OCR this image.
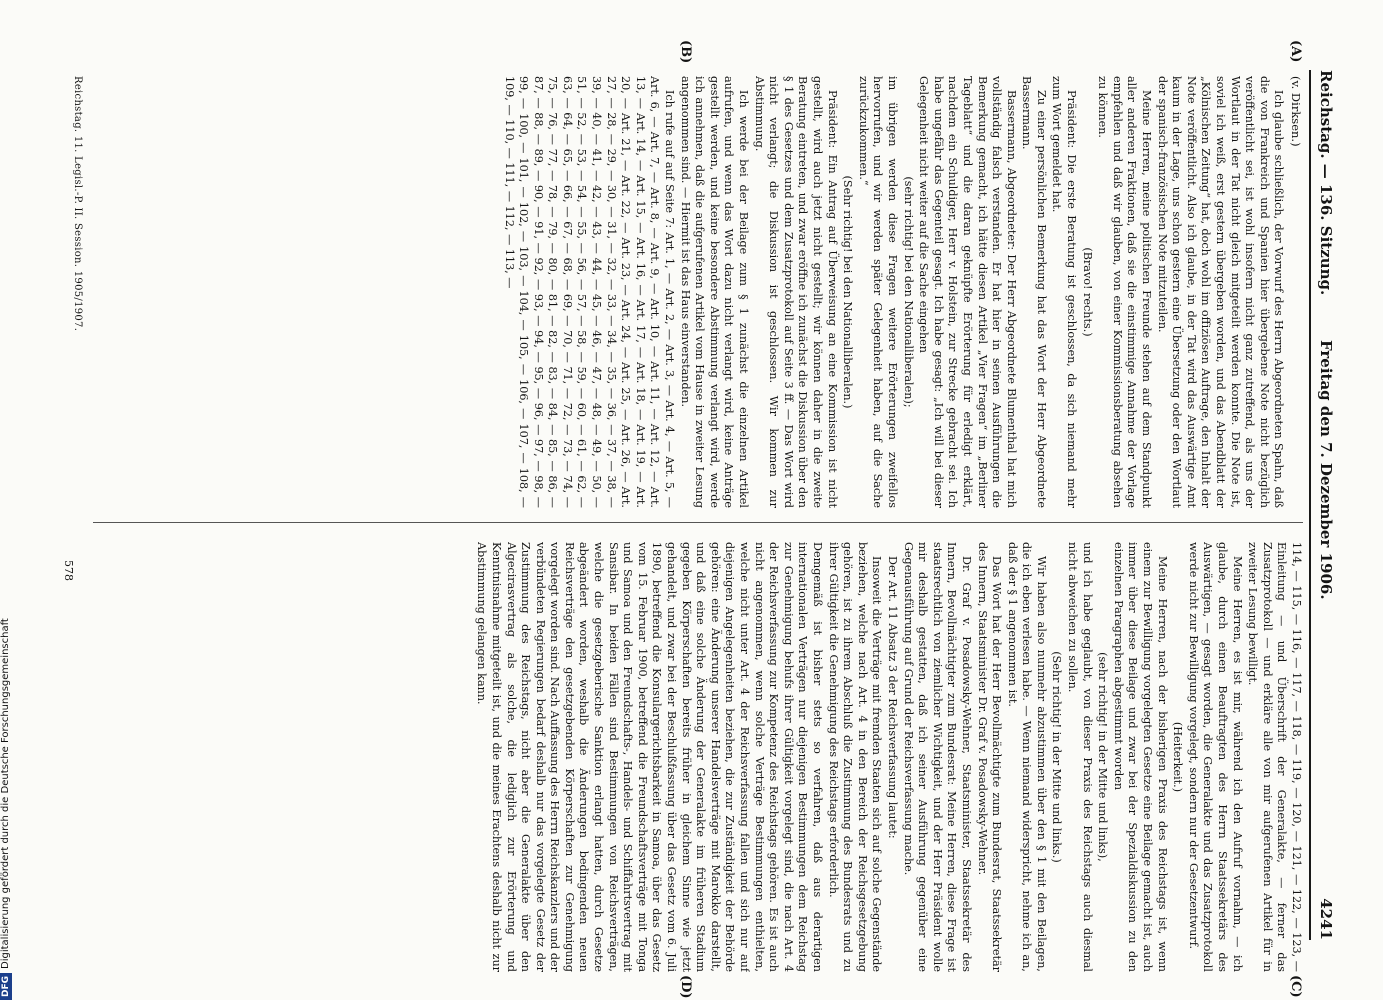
Reichstag. — 136. Sitzung.
Freitag den 7. Dezember 1906.
4241
(A)
(B)
(C)
(D)
(v. Dirksen.)

Ich glaube schließlich, der Vorwurf des Herrn Abgeordneten Spahn, daß die von Frankreich und Spanien hier übergebene Note nicht bezüglich veröffentlicht sei, ist wohl insofern nicht ganz zutreffend, als uns der Wortlaut in der Tat nicht gleich mitgeteilt werden konnte. Die Note ist, soviel ich weiß, erst gestern übergeben worden, und das Abendblatt der „Kölnischen Zeitung“ hat, doch wohl im offiziösen Auftrage, den Inhalt der Note veröffentlicht. Also ich glaube, in der Tat wird das Auswärtige Amt kaum in der Lage, uns schon gestern eine Übersetzung oder den Wortlaut der spanisch-französischen Note mitzuteilen.

Meine Herren, meine politischen Freunde stehen auf dem Standpunkt aller anderen Fraktionen, daß sie die einstimmige Annahme der Vorlage empfehlen und daß wir glauben, von einer Kommissionsberatung absehen zu können.

(Bravo! rechts.)

Präsident: Die erste Beratung ist geschlossen, da sich niemand mehr zum Wort gemeldet hat.

Zu einer persönlichen Bemerkung hat das Wort der Herr Abgeordnete Bassermann.

Bassermann, Abgeordneter: Der Herr Abgeordnete Blumenthal hat mich vollständig falsch verstanden. Er hat hier in seinen Ausführungen die Bemerkung gemacht, ich hätte diesen Artikel „Vier Fragen“ im „Berliner Tageblatt“ und die daran geknüpfte Erörterung für erledigt erklärt, nachdem ein Schuldiger, Herr v. Holstein, zur Strecke gebracht sei. Ich habe ungefähr das Gegenteil gesagt. Ich habe gesagt: „Ich will bei dieser Gelegenheit nicht weiter auf die Sache eingehen

(sehr richtig! bei den Nationalliberalen);

im übrigen werden diese Fragen weitere Erörterungen zweifellos hervorrufen, und wir werden später Gelegenheit haben, auf die Sache zurückzukommen.“

(Sehr richtig! bei den Nationalliberalen.)

Präsident: Ein Antrag auf Überweisung an eine Kommission ist nicht gestellt, wird auch jetzt nicht gestellt; wir können daher in die zweite Beratung eintreten, und zwar eröffne ich zunächst die Diskussion über den § 1 des Gesetzes und dem Zusatzprotokoll auf Seite 3 ff. — Das Wort wird nicht verlangt; die Diskussion ist geschlossen. Wir kommen zur Abstimmung.

Ich werde bei der Beilage zum § 1 zunächst die einzelnen Artikel aufrufen, und wenn das Wort dazu nicht verlangt wird, keine Anträge gestellt werden, und keine besondere Abstimmung verlangt wird, werde ich annehmen, daß die aufgerufenen Artikel vom Hause in zweiter Lesung angenommen sind. — Hiermit ist das Haus einverstanden.

Ich rufe auf auf Seite 7: Art. 1, — Art. 2, — Art. 3, — Art. 4, — Art. 5, — Art. 6, — Art. 7, — Art. 8, — Art. 9, — Art. 10, — Art. 11, — Art. 12, — Art. 13, — Art. 14, — Art. 15, — Art. 16, — Art. 17, — Art. 18, — Art. 19, — Art. 20, — Art. 21, — Art. 22, — Art. 23, — Art. 24, — Art. 25, — Art. 26, — Art. 27, — 28, — 29, — 30, — 31, — 32, — 33, — 34, — 35, — 36, — 37, — 38, — 39, — 40, — 41, — 42, — 43, — 44, — 45, — 46, — 47, — 48, — 49, — 50, — 51, — 52, — 53, — 54, — 55, — 56, — 57, — 58, — 59, — 60, — 61, — 62, — 63, — 64, — 65, — 66, — 67, — 68, — 69, — 70, — 71, — 72, — 73, — 74, — 75, — 76, — 77, — 78, — 79, — 80, — 81, — 82, — 83, — 84, — 85, — 86, — 87, — 88, — 89, — 90, — 91, — 92, — 93, — 94, — 95, — 96, — 97, — 98, — 99, — 100, — 101, — 102, — 103, — 104, — 105, — 106, — 107, — 108, — 109, — 110, — 111, — 112, — 113, —

114, — 115, — 116, — 117, — 118, — 119, — 120, — 121, — 122, — 123, — Einleitung — und Überschrift der Generalakte, — ferner das Zusatzprotokoll — und erkläre alle von mir aufgerufenen Artikel für in zweiter Lesung bewilligt.

Meine Herren, es ist mir, während ich den Aufruf vornahm, — ich glaube, durch einen Beauftragten des Herrn Staatssekretärs des Auswärtigen, — gesagt worden, die Generalakte und das Zusatzprotokoll werde nicht zur Bewilligung vorgelegt, sondern nur der Gesetzentwurf.

(Heiterkeit.)

Meine Herren, nach der bisherigen Praxis des Reichstags ist, wenn einem zur Bewilligung vorgelegten Gesetze eine Beilage gemacht ist, auch immer über diese Beilage und zwar bei der Spezialdiskussion zu den einzelnen Paragraphen abgestimmt worden

(sehr richtig! in der Mitte und links),

und ich habe geglaubt, von dieser Praxis des Reichstags auch diesmal nicht abweichen zu sollen.

(Sehr richtig! in der Mitte und links.)

Wir haben also nunmehr abzustimmen über den § 1 mit den Beilagen, die ich eben verlesen habe. — Wenn niemand widerspricht, nehme ich an, daß der § 1 angenommen ist.

Das Wort hat der Herr Bevollmächtigte zum Bundesrat, Staatssekretär des Innern, Staatsminister Dr. Graf v. Posadowsky-Wehner.

Dr. Graf v. Posadowsky-Wehner, Staatsminister, Staatssekretär des Innern, Bevollmächtigter zum Bundesrat: Meine Herren, diese Frage ist staatsrechtlich von ziemlicher Wichtigkeit, und der Herr Präsident wolle mir deshalb gestatten, daß ich seiner Ausführung gegenüber eine Gegenausführung auf Grund der Reichsverfassung mache.

Der Art. 11 Absatz 3 der Reichsverfassung lautet:

Insoweit die Verträge mit fremden Staaten sich auf solche Gegenstände beziehen, welche nach Art. 4 in den Bereich der Reichsgesetzgebung gehören, ist zu ihrem Abschluß die Zustimmung des Bundesrats und zu ihrer Gültigkeit die Genehmigung des Reichstags erforderlich.

Demgemäß ist bisher stets so verfahren, daß aus derartigen internationalen Verträgen nur diejenigen Bestimmungen dem Reichstag zur Genehmigung behufs ihrer Gültigkeit vorgelegt sind, die nach Art. 4 der Reichsverfassung zur Kompetenz des Reichstags gehören. Es ist auch nicht angenommen, wenn solche Verträge Bestimmungen enthielten, welche nicht unter Art. 4 der Reichsverfassung fallen und sich nur auf diejenigen Angelegenheiten beziehen, die zur Zuständigkeit der Behörde gehören: eine Änderung unserer Handelsverträge mit Marokko darstellt, und daß eine solche Änderung der Generalakte im früheren Stadium gegeben Körperschaften bereits früher in gleichem Sinne wie jetzt gehandelt, und zwar bei der Beschlußfassung über das Gesetz vom 6. Juli 1890, betreffend die Konsulargerichtsbarkeit in Samoa, über das Gesetz vom 15. Februar 1900, betreffend die Freundschaftsverträge mit Tonga und Samoa und den Freundschafts-, Handels- und Schiffahrtsvertrag mit Sansibar. In beiden Fällen sind Bestimmungen von Reichsverträgen, welche die gesetzgeberische Sanktion erlangt hatten, durch Gesetze abgeändert worden, weshalb die Änderungen bedingenden neuen Reichsverträge den gesetzgebenden Körperschaften zur Genehmigung vorgelegt worden sind. Nach Auffassung des Herrn Reichskanzlers und der verbündeten Regierungen bedarf deshalb nur das vorgelegte Gesetz der Zustimmung des Reichstags, nicht aber die Generalakte über den Algecirasvertrag als solche, die lediglich zur Erörterung und Kenntnisnahme mitgeteilt ist, und die meines Erachtens deshalb nicht zur Abstimmung gelangen kann.

Reichstag. 11. Legisl.-P. II. Session. 1905/1907.
578
DFGDigitalisierung gefördert durch die Deutsche Forschungsgemeinschaft
